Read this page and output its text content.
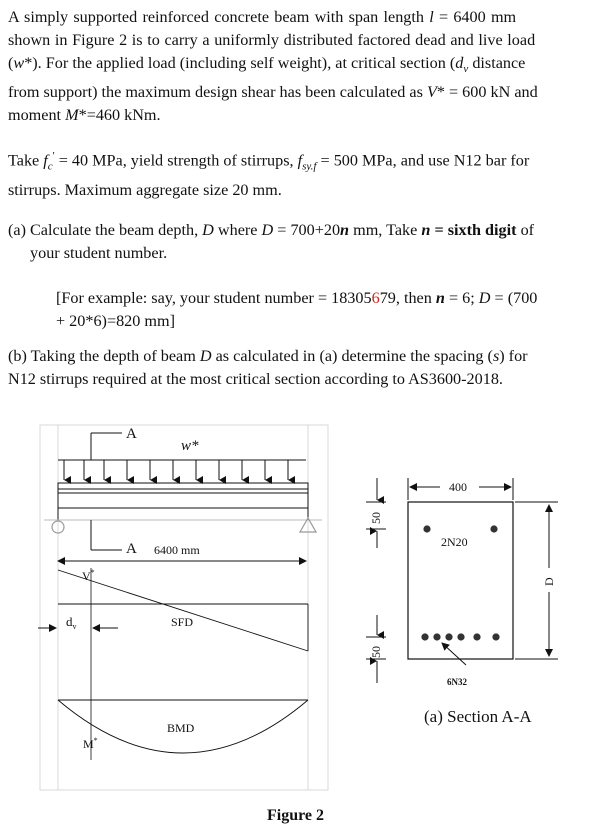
A simply supported reinforced concrete beam with span length l = 6400 mm
shown in Figure 2 is to carry a uniformly distributed factored dead and live load
(w*). For the applied load (including self weight), at critical section ($d_v$ distance
from support) the maximum design shear has been calculated as V* = 600 kN and
moment M*=460 kNm.
Take $f_c' = 40$ MPa, yield strength of stirrups, $f_{sy.f} = 500$ MPa, and use N12 bar for
stirrups. Maximum aggregate size 20 mm.
(a) Calculate the beam depth, D where D = 700+20n mm, Take n = sixth digit of
your student number.
[For example: say, your student number = 18305679, then n = 6; D = (700
+ 20*6)=820 mm]
(b) Taking the depth of beam D as calculated in (a) determine the spacing (s) for
N12 stirrups required at the most critical section according to AS3600-2018.
A
w*
A 6400 mm
V*
SFD
$d_v$
BMD
M*
400
2N20
6N32
50
50
D
(a) Section A-A
Figure 2
